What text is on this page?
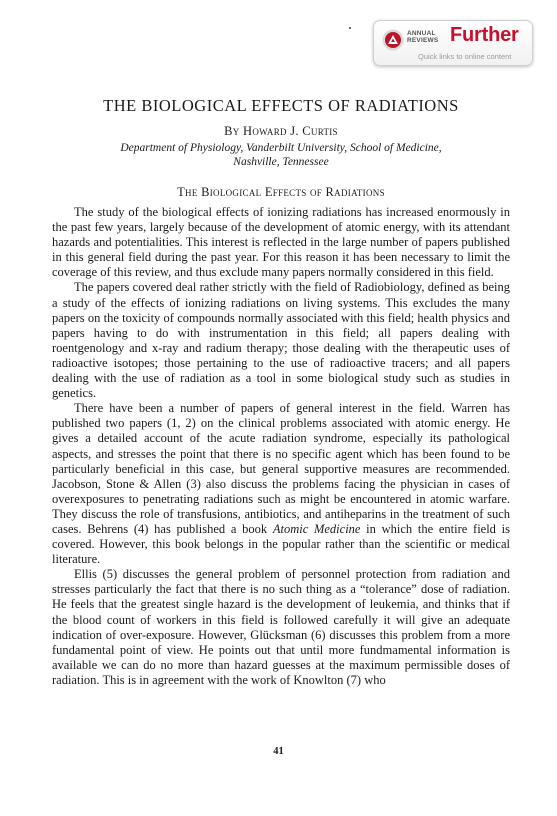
ANNUAL
REVIEWS Further
Quick links to online content
THE BIOLOGICAL EFFECTS OF RADIATIONS
By Howard J. Curtis
Department of Physiology, Vanderbilt University, School of Medicine,
Nashville, Tennessee
The Biological Effects of Radiations

The study of the biological effects of ionizing radiations has increased enormously in the past few years, largely because of the development of atomic energy, with its attendant hazards and potentialities. This interest is reflected in the large number of papers published in this general field during the past year. For this reason it has been necessary to limit the coverage of this review, and thus exclude many papers normally considered in this field.

The papers covered deal rather strictly with the field of Radiobiology, defined as being a study of the effects of ionizing radiations on living systems. This excludes the many papers on the toxicity of compounds normally associated with this field; health physics and papers having to do with instrumentation in this field; all papers dealing with roentgenology and x-ray and radium therapy; those dealing with the therapeutic uses of radioactive isotopes; those pertaining to the use of radioactive tracers; and all papers dealing with the use of radiation as a tool in some biological study such as studies in genetics.

There have been a number of papers of general interest in the field. Warren has published two papers (1, 2) on the clinical problems associated with atomic energy. He gives a detailed account of the acute radiation syndrome, especially its pathological aspects, and stresses the point that there is no specific agent which has been found to be particularly beneficial in this case, but general supportive measures are recommended. Jacobson, Stone & Allen (3) also discuss the problems facing the physician in cases of overexposures to penetrating radiations such as might be encountered in atomic warfare. They discuss the role of transfusions, antibiotics, and antiheparins in the treatment of such cases. Behrens (4) has published a book Atomic Medicine in which the entire field is covered. However, this book belongs in the popular rather than the scientific or medical literature.

Ellis (5) discusses the general problem of personnel protection from radiation and stresses particularly the fact that there is no such thing as a “tolerance” dose of radiation. He feels that the greatest single hazard is the development of leukemia, and thinks that if the blood count of workers in this field is followed carefully it will give an adequate indication of over-exposure. However, Glücksman (6) discusses this problem from a more fundamental point of view. He points out that until more fundmamental information is available we can do no more than hazard guesses at the maximum permissible doses of radiation. This is in agreement with the work of Knowlton (7) who

41
